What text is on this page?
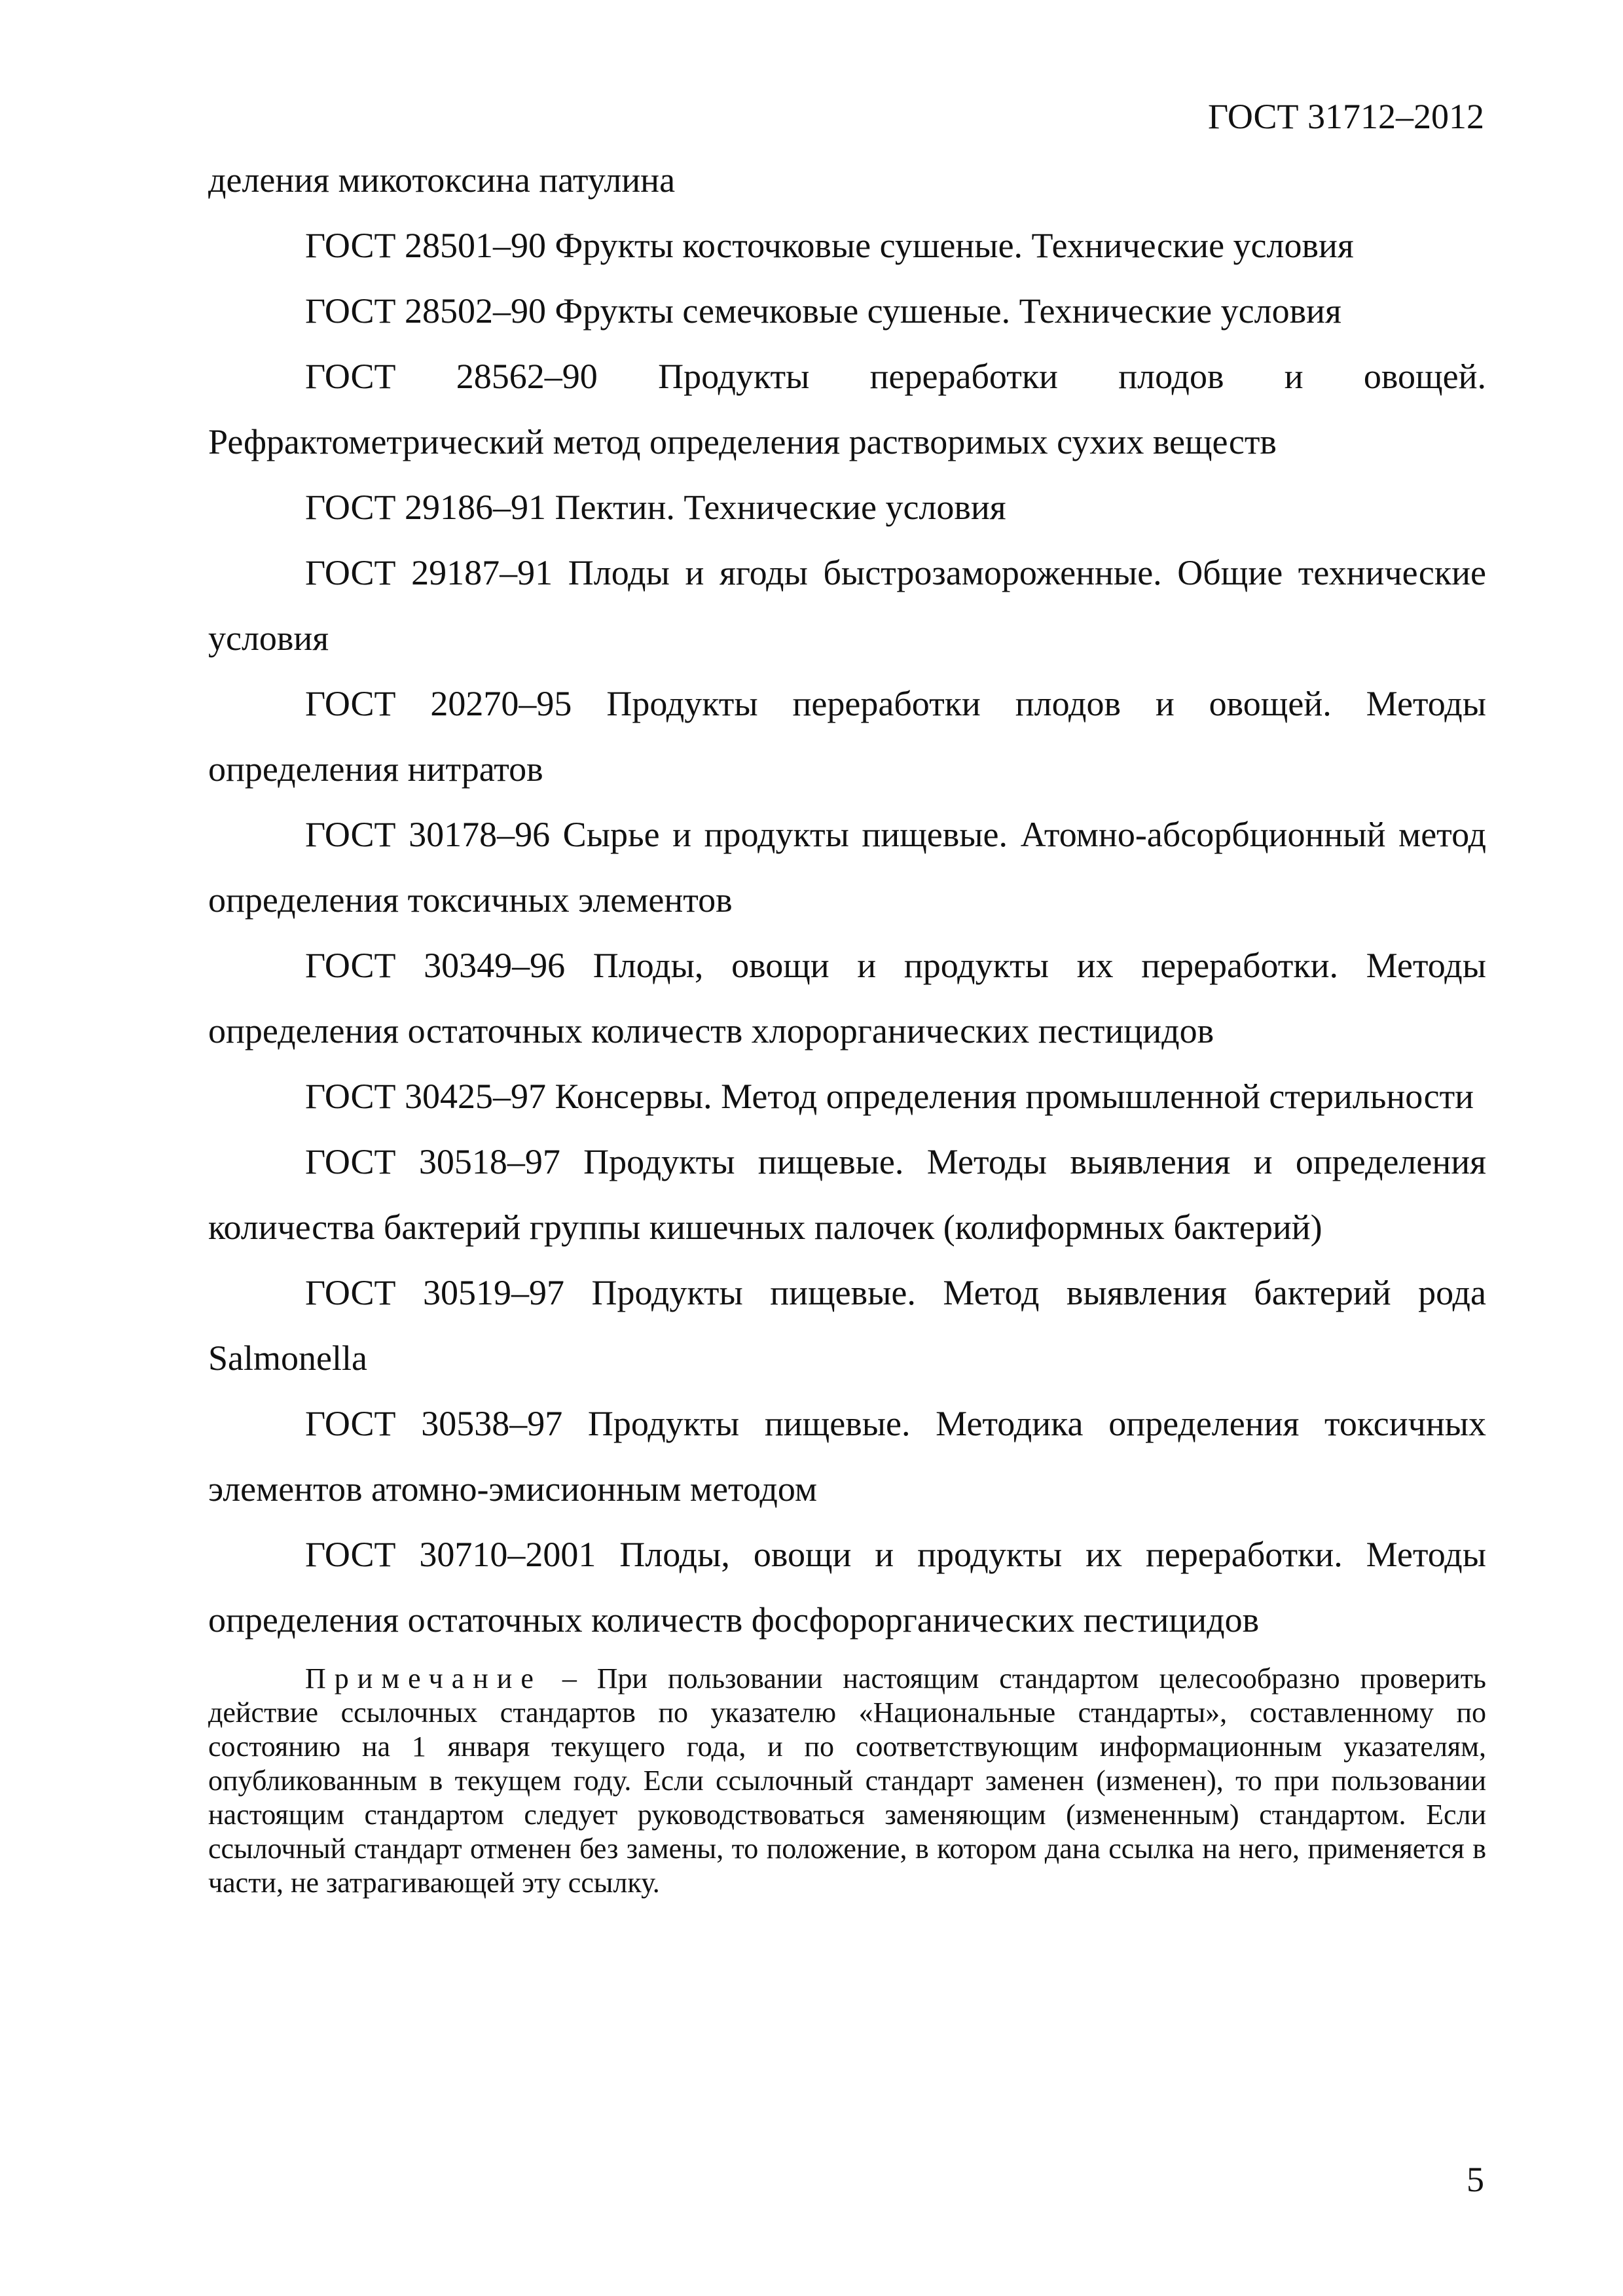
ГОСТ 31712–2012

деления микотоксина патулина

ГОСТ 28501–90 Фрукты косточковые сушеные. Технические условия

ГОСТ 28502–90 Фрукты семечковые сушеные. Технические условия

ГОСТ 28562–90 Продукты переработки плодов и овощей. Рефрактометрический метод определения растворимых сухих веществ

ГОСТ 29186–91 Пектин. Технические условия

ГОСТ 29187–91 Плоды и ягоды быстрозамороженные. Общие технические условия

ГОСТ 20270–95 Продукты переработки плодов и овощей. Методы определения нитратов

ГОСТ 30178–96 Сырье и продукты пищевые. Атомно-абсорбционный метод определения токсичных элементов

ГОСТ 30349–96 Плоды, овощи и продукты их переработки. Методы определения остаточных количеств хлорорганических пестицидов

ГОСТ 30425–97 Консервы. Метод определения промышленной стерильности

ГОСТ 30518–97 Продукты пищевые. Методы выявления и определения количества бактерий группы кишечных палочек (колиформных бактерий)

ГОСТ 30519–97 Продукты пищевые. Метод выявления бактерий рода Salmonella

ГОСТ 30538–97 Продукты пищевые. Методика определения токсичных элементов атомно-эмисионным методом

ГОСТ 30710–2001 Плоды, овощи и продукты их переработки. Методы определения остаточных количеств фосфорорганических пестицидов

Примечание – При пользовании настоящим стандартом целесообразно проверить действие ссылочных стандартов по указателю «Национальные стандарты», составленному по состоянию на 1 января текущего года, и по соответствующим информационным указателям, опубликованным в текущем году. Если ссылочный стандарт заменен (изменен), то при пользовании настоящим стандартом следует руководствоваться заменяющим (измененным) стандартом. Если ссылочный стандарт отменен без замены, то положение, в котором дана ссылка на него, применяется в части, не затрагивающей эту ссылку.

5
